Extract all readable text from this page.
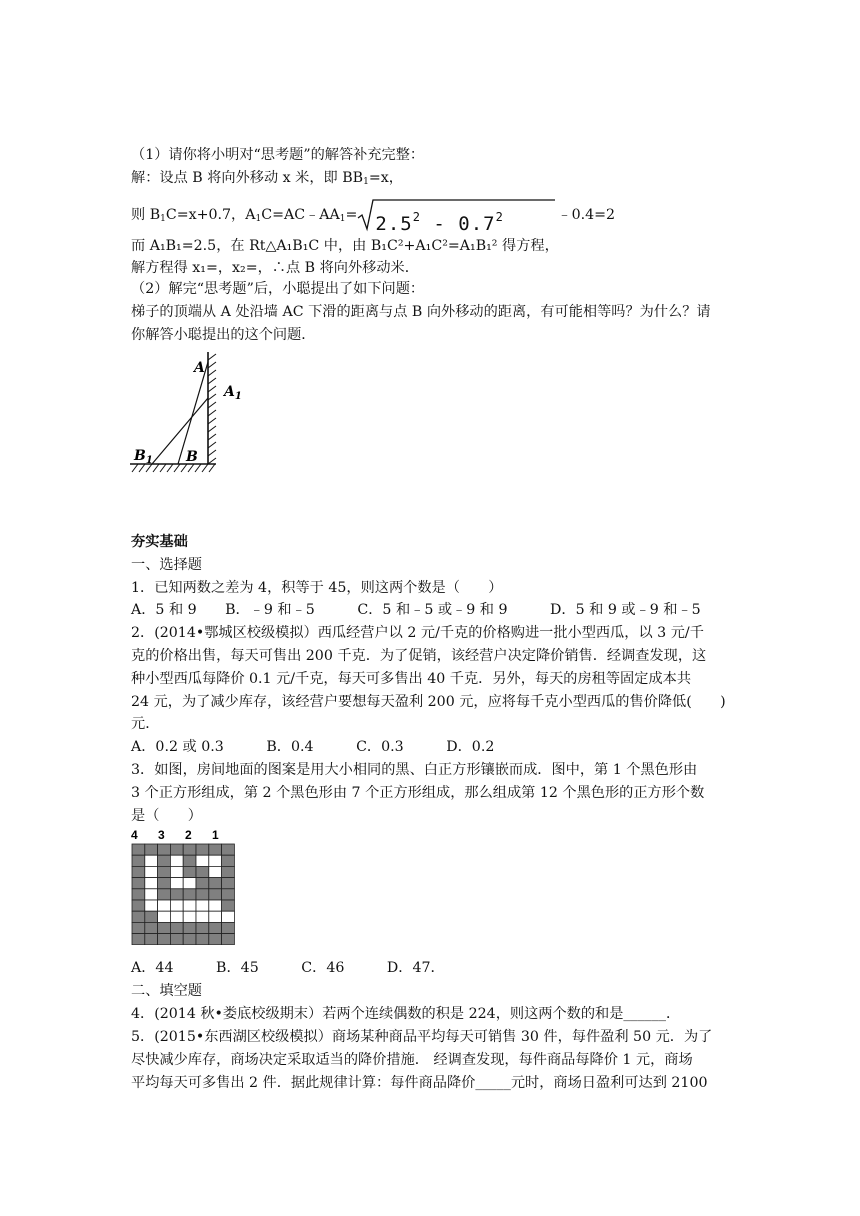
（1）请你将小明对“思考题”的解答补充完整：
解：设点 B 将向外移动 x 米，即 $BB_1=x$，
则 $B_1C=x+0.7$，$A_1C=AC﹣AA_1= 2.5^2 - 0.7^2$	﹣0.4=2
而 A₁B₁=2.5，在 Rt△A₁B₁C 中，由 B₁C²+A₁C²=A₁B₁² 得方程，
解方程得 x₁=，x₂=，∴点 B 将向外移动米．
（2）解完“思考题”后，小聪提出了如下问题：
梯子的顶端从 A 处沿墙 AC 下滑的距离与点 B 向外移动的距离，有可能相等吗？为什么？请
你解答小聪提出的这个问题．
A
$A_1$
$B_1$ B
夯实基础
一、选择题
1．已知两数之差为 4，积等于 45，则这两个数是（　　）
A．5 和 9　　B．﹣9 和﹣5　　　C．5 和﹣5 或﹣9 和 9　　　D．5 和 9 或﹣9 和﹣5
2．(2014•鄂城区校级模拟）西瓜经营户以 2 元/千克的价格购进一批小型西瓜，以 3 元/千
克的价格出售，每天可售出 200 千克．为了促销，该经营户决定降价销售．经调查发现，这
种小型西瓜每降价 0.1 元/千克，每天可多售出 40 千克．另外，每天的房租等固定成本共
24 元，为了减少库存，该经营户要想每天盈利 200 元，应将每千克小型西瓜的售价降低(　　)
元．
A．0.2 或 0.3　　　B．0.4　　　C．0.3　　　D．0.2
3．如图，房间地面的图案是用大小相同的黑、白正方形镶嵌而成．图中，第 1 个黑色形由
3 个正方形组成，第 2 个黑色形由 7 个正方形组成，那么组成第 12 个黑色形的正方形个数
是（　　）
4 3 2 1
A．44　　　B．45　　　C．46　　　D．47．
二、填空题
4．(2014 秋•娄底校级期末）若两个连续偶数的积是 224，则这两个数的和是______．
5．(2015•东西湖区校级模拟）商场某种商品平均每天可销售 30 件，每件盈利 50 元．为了
尽快减少库存，商场决定采取适当的降价措施． 经调查发现，每件商品每降价 1 元，商场
平均每天可多售出 2 件．据此规律计算：每件商品降价_____元时，商场日盈利可达到 2100
